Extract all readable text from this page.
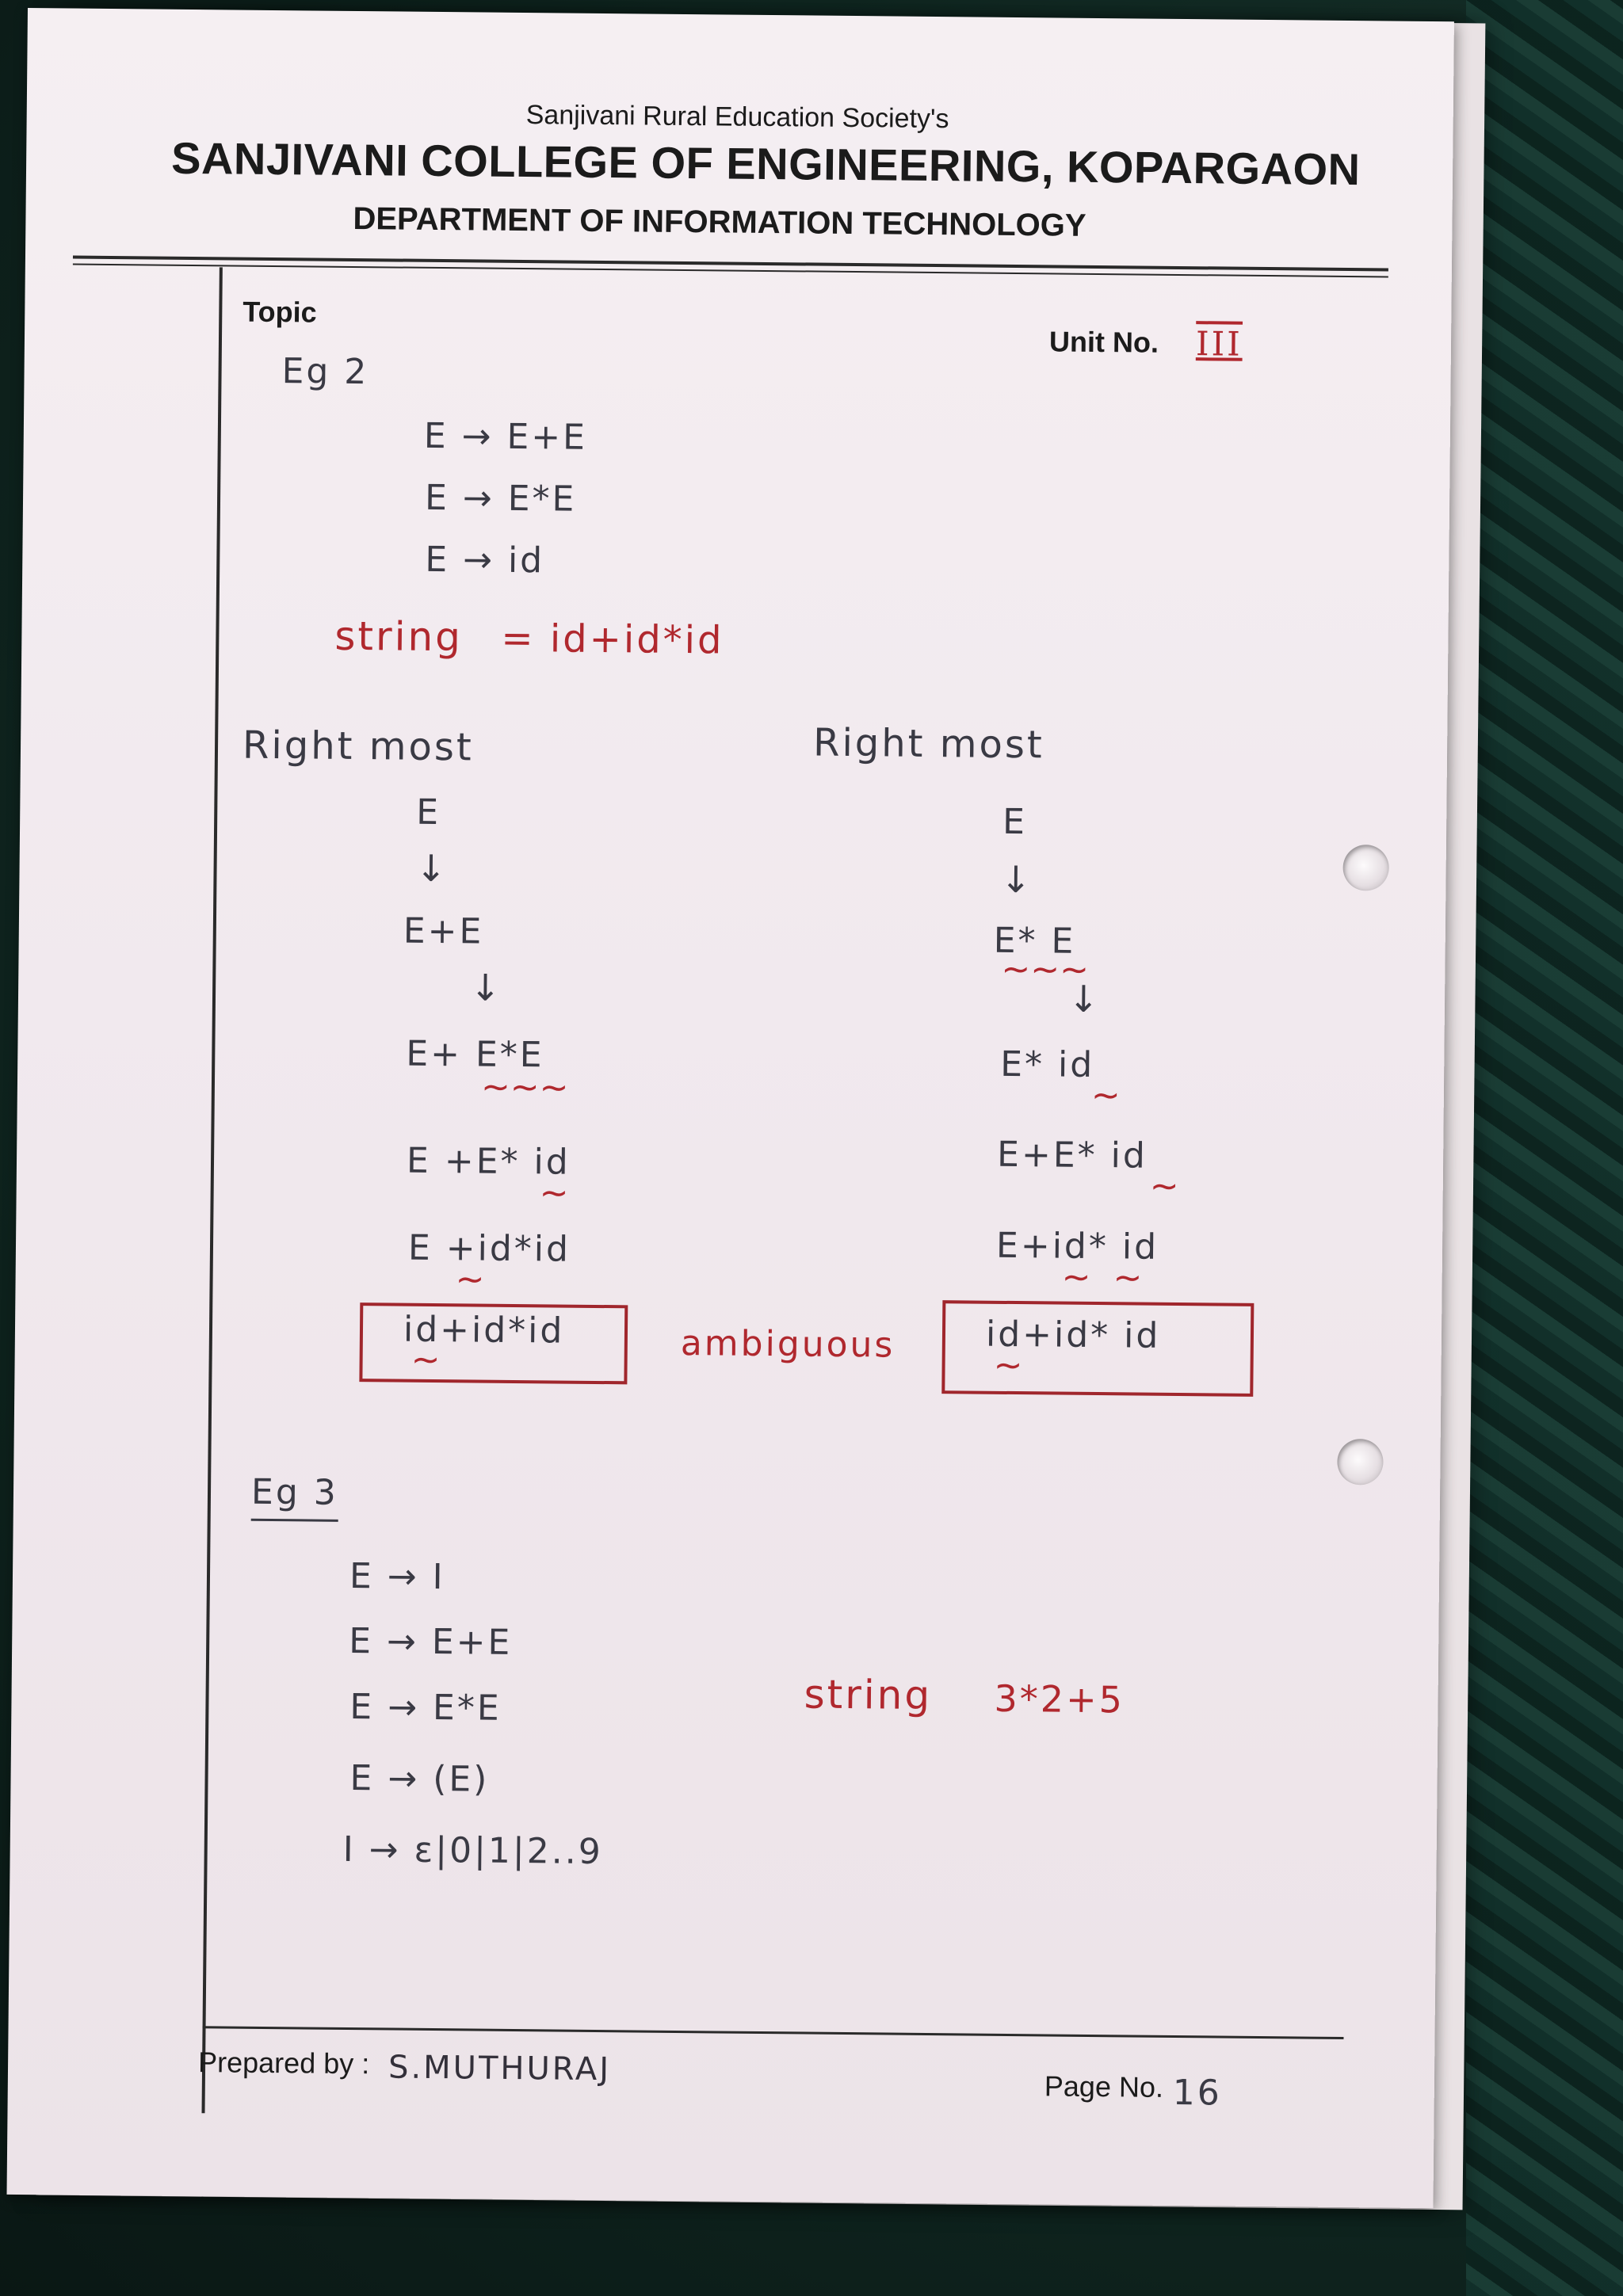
Sanjivani Rural Education Society's
SANJIVANI COLLEGE OF ENGINEERING, KOPARGAON
DEPARTMENT OF INFORMATION TECHNOLOGY
Topic
Unit No. III
Eg 2
E → E+E
E → E*E
E → id
string = id+id*id
Right most
E
↓
E+E
↓
E+ E*E
~~~
E +E* id
~
E +id*id
~
id+id*id
~	ambiguous
Right most
E
↓
E* E
~~~
↓
E* id
~
E+E* id
~
E+id* id
~  ~
id+id* id
~
Eg 3
E → I
E → E+E
E → E*E
E → (E)
I → ε|0|1|2..9
string 3*2+5
Prepared by : S.MUTHURAJ	Page No. 16
